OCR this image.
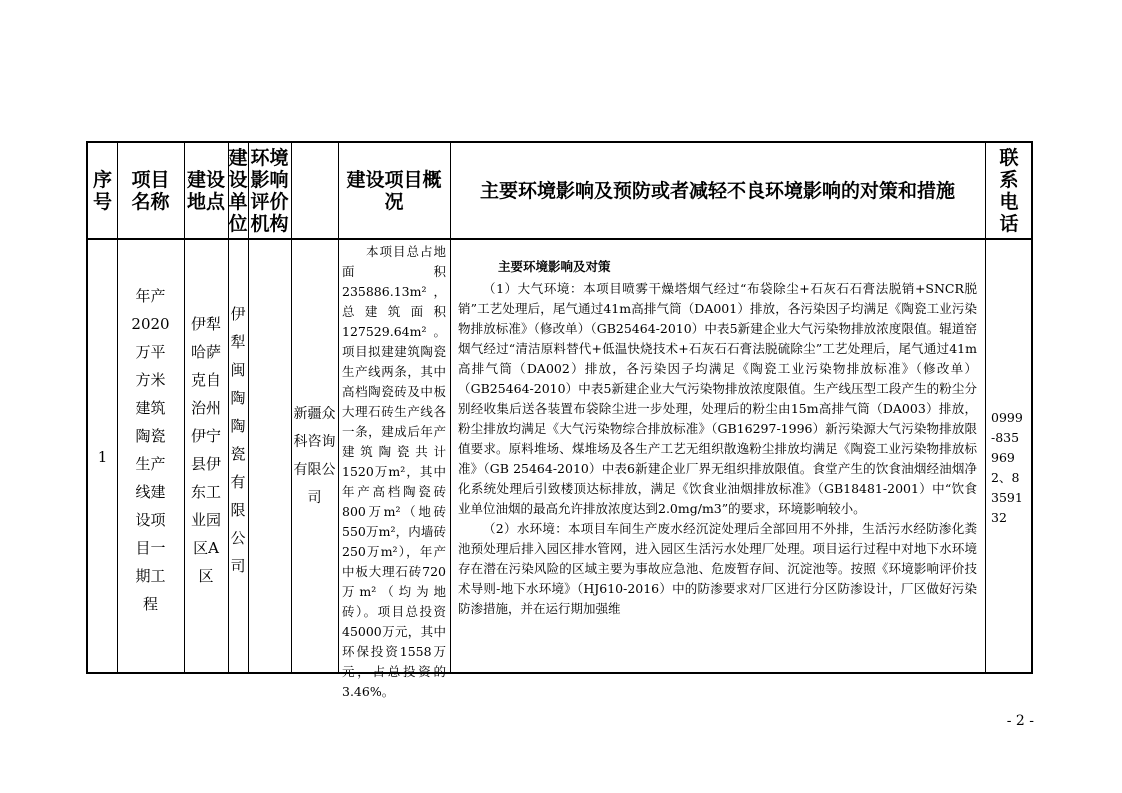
序号
项目名称
建设地点
建设单位
环境影响评价机构
建设项目概况	主要环境影响及预防或者减轻不良环境影响的对策和措施
联系电话
1
年产2020万平方米建筑陶瓷生产线建设项目一期工程
伊犁哈萨克自治州伊宁县伊东工业园区A区
伊犁闽陶陶瓷有限公司
新疆众科咨询有限公司

本项目总占地面积235886.13m²，总建筑面积127529.64m²。项目拟建建筑陶瓷生产线两条，其中高档陶瓷砖及中板大理石砖生产线各一条，建成后年产建筑陶瓷共计1520万m²，其中年产高档陶瓷砖800万m²（地砖550万m²，内墙砖250万m²），年产中板大理石砖720万m²（均为地砖）。项目总投资45000万元，其中环保投资1558万元，占总投资的3.46%。

主要环境影响及对策

（1）大气环境：本项目喷雾干燥塔烟气经过“布袋除尘+石灰石石膏法脱销+SNCR脱销”工艺处理后，尾气通过41m高排气筒（DA001）排放，各污染因子均满足《陶瓷工业污染物排放标准》（修改单）（GB25464-2010）中表5新建企业大气污染物排放浓度限值。辊道窑烟气经过“清洁原料替代+低温快烧技术+石灰石石膏法脱硫除尘”工艺处理后，尾气通过41m高排气筒（DA002）排放，各污染因子均满足《陶瓷工业污染物排放标准》（修改单）（GB25464-2010）中表5新建企业大气污染物排放浓度限值。生产线压型工段产生的粉尘分别经收集后送各装置布袋除尘进一步处理，处理后的粉尘由15m高排气筒（DA003）排放，粉尘排放均满足《大气污染物综合排放标准》（GB16297-1996）新污染源大气污染物排放限值要求。原料堆场、煤堆场及各生产工艺无组织散逸粉尘排放均满足《陶瓷工业污染物排放标准》（GB 25464-2010）中表6新建企业厂界无组织排放限值。食堂产生的饮食油烟经油烟净化系统处理后引致楼顶达标排放，满足《饮食业油烟排放标准》（GB18481-2001）中“饮食业单位油烟的最高允许排放浓度达到2.0mg/m3”的要求，环境影响较小。

（2）水环境：本项目车间生产废水经沉淀处理后全部回用不外排，生活污水经防渗化粪池预处理后排入园区排水管网，进入园区生活污水处理厂处理。项目运行过程中对地下水环境存在潜在污染风险的区域主要为事故应急池、危废暂存间、沉淀池等。按照《环境影响评价技术导则-地下水环境》（HJ610-2016）中的防渗要求对厂区进行分区防渗设计，厂区做好污染防渗措施，并在运行期加强维

0999-8359692、8359132
- 2 -
